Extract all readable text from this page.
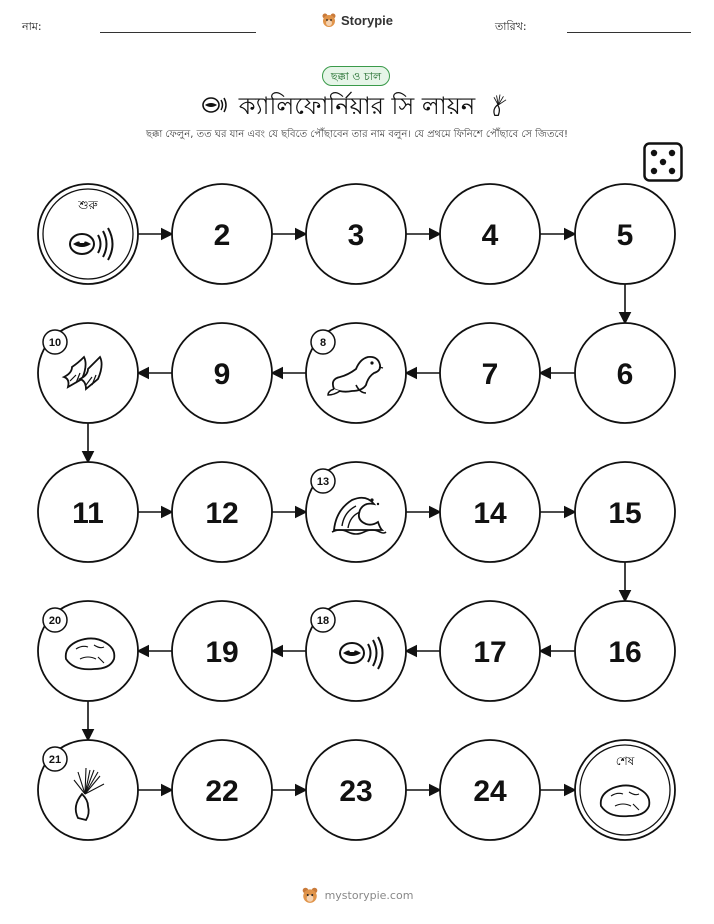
নাম:	Storypie	তারিখ:
ছক্কা ও চাল
ক্যালিফোর্নিয়ার সি লায়ন
ছক্কা ফেলুন, তত ঘর যান এবং যে ছবিতে পৌঁছাবেন তার নাম বলুন। যে প্রথমে ফিনিশে পৌঁছাবে সে জিতবে!
শুরু
2	3	4	5
6
7
8
9
10
11	12
13
14	15
16
17
18
19
20
21
22	23	24
শেষ
mystorypie.com
